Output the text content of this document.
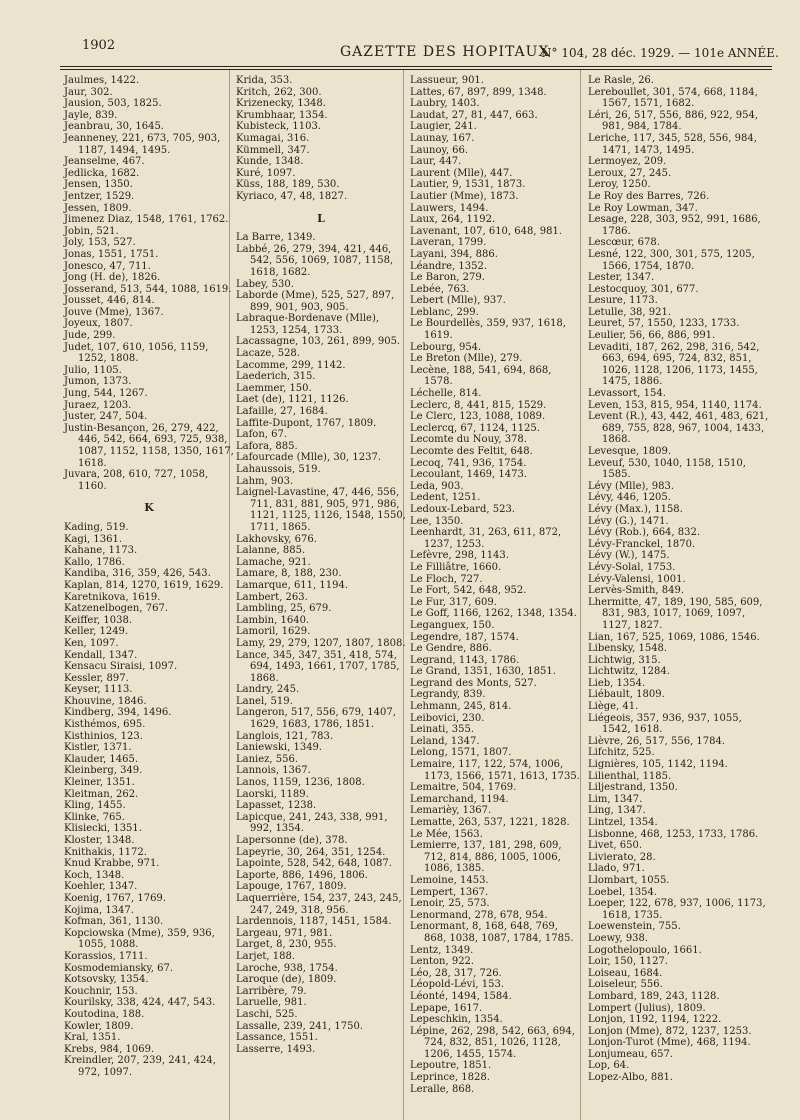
1902	GAZETTE DES HOPITAUX
N° 104, 28 déc. 1929. — 101e ANNÉE.
Jaulmes, 1422.
Jaur, 302.
Jausion, 503, 1825.
Jayle, 839.
Jeanbrau, 30, 1645.
Jeanneney, 221, 673, 705, 903, 1187, 1494, 1495.
Jeanselme, 467.
Jedlicka, 1682.
Jensen, 1350.
Jentzer, 1529.
Jessen, 1809.
Jimenez Diaz, 1548, 1761, 1762.
Jobin, 521.
Joly, 153, 527.
Jonas, 1551, 1751.
Jonesco, 47, 711.
Jong (H. de), 1826.
Josserand, 513, 544, 1088, 1619.
Jousset, 446, 814.
Jouve (Mme), 1367.
Joyeux, 1807.
Jude, 299.
Judet, 107, 610, 1056, 1159, 1252, 1808.
Julio, 1105.
Jumon, 1373.
Jung, 544, 1267.
Juraez, 1203.
Juster, 247, 504.
Justin-Besançon, 26, 279, 422, 446, 542, 664, 693, 725, 938, 1087, 1152, 1158, 1350, 1617, 1618.
Juvara, 208, 610, 727, 1058, 1160.
K
Kading, 519.
Kagi, 1361.
Kahane, 1173.
Kallo, 1786.
Kandiba, 316, 359, 426, 543.
Kaplan, 814, 1270, 1619, 1629.
Karetnikova, 1619.
Katzenelbogen, 767.
Keiffer, 1038.
Keller, 1249.
Ken, 1097.
Kendall, 1347.
Kensacu Siraisi, 1097.
Kessler, 897.
Keyser, 1113.
Khouvine, 1846.
Kindberg, 394, 1496.
Kisthémos, 695.
Kisthinios, 123.
Kistler, 1371.
Klauder, 1465.
Kleinberg, 349.
Kleiner, 1351.
Kleitman, 262.
Kling, 1455.
Klinke, 765.
Klisiecki, 1351.
Kloster, 1348.
Knithakis, 1172.
Knud Krabbe, 971.
Koch, 1348.
Koehler, 1347.
Koenig, 1767, 1769.
Kojima, 1347.
Kofman, 361, 1130.
Kopciowska (Mme), 359, 936, 1055, 1088.
Korassios, 1711.
Kosmodemiansky, 67.
Kotsovsky, 1354.
Kouchnir, 153.
Kourilsky, 338, 424, 447, 543.
Koutodina, 188.
Kowler, 1809.
Kral, 1351.
Krebs, 984, 1069.
Kreindler, 207, 239, 241, 424, 972, 1097.
Krida, 353.
Kritch, 262, 300.
Krizenecky, 1348.
Krumbhaar, 1354.
Kubisteck, 1103.
Kumagai, 316.
Kümmell, 347.
Kunde, 1348.
Kuré, 1097.
Küss, 188, 189, 530.
Kyriaco, 47, 48, 1827.
L
La Barre, 1349.
Labbé, 26, 279, 394, 421, 446, 542, 556, 1069, 1087, 1158, 1618, 1682.
Labey, 530.
Laborde (Mme), 525, 527, 897, 899, 901, 903, 905.
Labraque-Bordenave (Mlle), 1253, 1254, 1733.
Lacassagne, 103, 261, 899, 905.
Lacaze, 528.
Lacomme, 299, 1142.
Laederich, 315.
Laemmer, 150.
Laet (de), 1121, 1126.
Lafaille, 27, 1684.
Laffite-Dupont, 1767, 1809.
Lafon, 67.
Lafora, 885.
Lafourcade (Mlle), 30, 1237.
Lahaussois, 519.
Lahm, 903.
Laignel-Lavastine, 47, 446, 556, 711, 831, 881, 905, 971, 986, 1121, 1125, 1126, 1548, 1550, 1711, 1865.
Lakhovsky, 676.
Lalanne, 885.
Lamache, 921.
Lamare, 8, 188, 230.
Lamarque, 611, 1194.
Lambert, 263.
Lambling, 25, 679.
Lambin, 1640.
Lamoril, 1629.
Lamy, 29, 279, 1207, 1807, 1808.
Lance, 345, 347, 351, 418, 574, 694, 1493, 1661, 1707, 1785, 1868.
Landry, 245.
Lanel, 519.
Langeron, 517, 556, 679, 1407, 1629, 1683, 1786, 1851.
Langlois, 121, 783.
Laniewski, 1349.
Laniez, 556.
Lannois, 1367.
Lanos, 1159, 1236, 1808.
Laorski, 1189.
Lapasset, 1238.
Lapicque, 241, 243, 338, 991, 992, 1354.
Lapersonne (de), 378.
Lapeyrie, 30, 264, 351, 1254.
Lapointe, 528, 542, 648, 1087.
Laporte, 886, 1496, 1806.
Lapouge, 1767, 1809.
Laquerrière, 154, 237, 243, 245, 247, 249, 318, 956.
Lardennois, 1187, 1451, 1584.
Largeau, 971, 981.
Larget, 8, 230, 955.
Larjet, 188.
Laroche, 938, 1754.
Laroque (de), 1809.
Larribère, 79.
Laruelle, 981.
Laschi, 525.
Lassalle, 239, 241, 1750.
Lassance, 1551.
Lasserre, 1493.
Lassueur, 901.
Lattes, 67, 897, 899, 1348.
Laubry, 1403.
Laudat, 27, 81, 447, 663.
Laugier, 241.
Launay, 167.
Launoy, 66.
Laur, 447.
Laurent (Mlle), 447.
Lautier, 9, 1531, 1873.
Lautier (Mme), 1873.
Lauwers, 1494.
Laux, 264, 1192.
Lavenant, 107, 610, 648, 981.
Laveran, 1799.
Layani, 394, 886.
Léandre, 1352.
Le Baron, 279.
Lebée, 763.
Lebert (Mlle), 937.
Leblanc, 299.
Le Bourdellès, 359, 937, 1618, 1619.
Lebourg, 954.
Le Breton (Mlle), 279.
Lecène, 188, 541, 694, 868, 1578.
Léchelle, 814.
Leclerc, 8, 441, 815, 1529.
Le Clerc, 123, 1088, 1089.
Leclercq, 67, 1124, 1125.
Lecomte du Nouy, 378.
Lecomte des Feltit, 648.
Lecoq, 741, 936, 1754.
Lecoulant, 1469, 1473.
Leda, 903.
Ledent, 1251.
Ledoux-Lebard, 523.
Lee, 1350.
Leenhardt, 31, 263, 611, 872, 1237, 1253.
Lefèvre, 298, 1143.
Le Filliâtre, 1660.
Le Floch, 727.
Le Fort, 542, 648, 952.
Le Fur, 317, 609.
Le Goff, 1166, 1262, 1348, 1354.
Leganguex, 150.
Legendre, 187, 1574.
Le Gendre, 886.
Legrand, 1143, 1786.
Le Grand, 1351, 1630, 1851.
Legrand des Monts, 527.
Legrandy, 839.
Lehmann, 245, 814.
Leibovici, 230.
Leinati, 355.
Leland, 1347.
Lelong, 1571, 1807.
Lemaire, 117, 122, 574, 1006, 1173, 1566, 1571, 1613, 1735.
Lemaitre, 504, 1769.
Lemarchand, 1194.
Lemarièy, 1367.
Lematte, 263, 537, 1221, 1828.
Le Mée, 1563.
Lemierre, 137, 181, 298, 609, 712, 814, 886, 1005, 1006, 1086, 1385.
Lemoine, 1453.
Lempert, 1367.
Lenoir, 25, 573.
Lenormand, 278, 678, 954.
Lenormant, 8, 168, 648, 769, 868, 1038, 1087, 1784, 1785.
Lentz, 1349.
Lenton, 922.
Léo, 28, 317, 726.
Léopold-Lévi, 153.
Léonté, 1494, 1584.
Lepape, 1617.
Lepeschkin, 1354.
Lépine, 262, 298, 542, 663, 694, 724, 832, 851, 1026, 1128, 1206, 1455, 1574.
Lepoutre, 1851.
Leprince, 1828.
Leralle, 868.
Le Rasle, 26.
Lereboullet, 301, 574, 668, 1184, 1567, 1571, 1682.
Léri, 26, 517, 556, 886, 922, 954, 981, 984, 1784.
Leriche, 117, 345, 528, 556, 984, 1471, 1473, 1495.
Lermoyez, 209.
Leroux, 27, 245.
Leroy, 1250.
Le Roy des Barres, 726.
Le Roy Lowman, 347.
Lesage, 228, 303, 952, 991, 1686, 1786.
Lescœur, 678.
Lesné, 122, 300, 301, 575, 1205, 1566, 1754, 1870.
Lester, 1347.
Lestocquoy, 301, 677.
Lesure, 1173.
Letulle, 38, 921.
Leuret, 57, 1550, 1233, 1733.
Leulier, 56, 66, 886, 991.
Levaditi, 187, 262, 298, 316, 542, 663, 694, 695, 724, 832, 851, 1026, 1128, 1206, 1173, 1455, 1475, 1886.
Levassort, 154.
Leven, 153, 815, 954, 1140, 1174.
Levent (R.), 43, 442, 461, 483, 621, 689, 755, 828, 967, 1004, 1433, 1868.
Levesque, 1809.
Leveuf, 530, 1040, 1158, 1510, 1585.
Lévy (Mlle), 983.
Lévy, 446, 1205.
Lévy (Max.), 1158.
Lévy (G.), 1471.
Lévy (Rob.), 664, 832.
Lévy-Franckel, 1870.
Lévy (W.), 1475.
Lévy-Solal, 1753.
Lévy-Valensi, 1001.
Lervès-Smith, 849.
Lhermitte, 47, 189, 190, 585, 609, 831, 983, 1017, 1069, 1097, 1127, 1827.
Lian, 167, 525, 1069, 1086, 1546.
Libensky, 1548.
Lichtwig, 315.
Lichtwitz, 1284.
Lieb, 1354.
Liébault, 1809.
Liège, 41.
Liégeois, 357, 936, 937, 1055, 1542, 1618.
Lièvre, 26, 517, 556, 1784.
Lifchitz, 525.
Lignières, 105, 1142, 1194.
Lilienthal, 1185.
Liljestrand, 1350.
Lim, 1347.
Ling, 1347.
Lintzel, 1354.
Lisbonne, 468, 1253, 1733, 1786.
Livet, 650.
Livierato, 28.
Llado, 971.
Llombart, 1055.
Loebel, 1354.
Loeper, 122, 678, 937, 1006, 1173, 1618, 1735.
Loewenstein, 755.
Loewy, 938.
Logothelopoulo, 1661.
Loir, 150, 1127.
Loiseau, 1684.
Loiseleur, 556.
Lombard, 189, 243, 1128.
Lompert (Julius), 1809.
Lonjon, 1192, 1194, 1222.
Lonjon (Mme), 872, 1237, 1253.
Lonjon-Turot (Mme), 468, 1194.
Lonjumeau, 657.
Lop, 64.
Lopez-Albo, 881.
